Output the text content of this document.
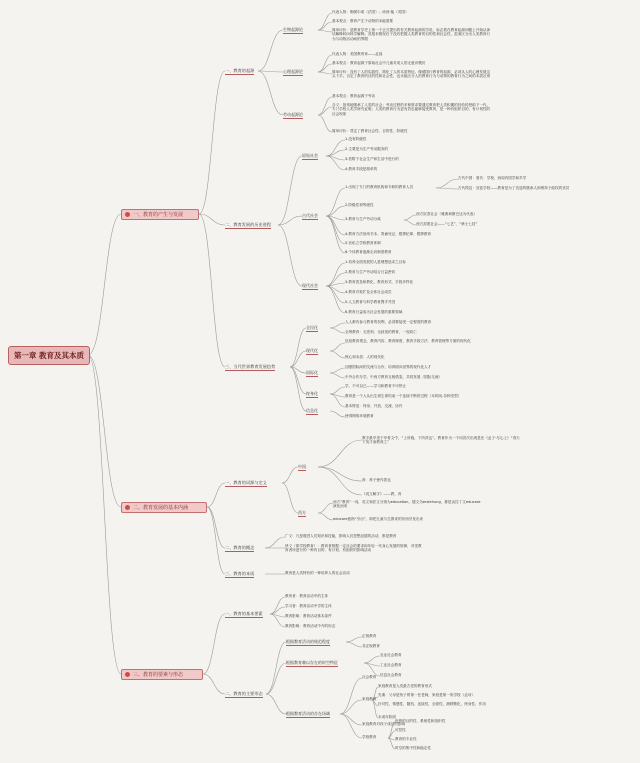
第一章 教育及其本质
一、教育的产生与发展
二、教育发展的基本内涵
三、教育的要素与形态
一、教育的起源
二、教育发展的历史进程
三、当代世界教育发展趋势
生物起源论
代表人物：勒图尔诺（法国）；沛西·能（英国）
基本观点：教育产生于动物的本能需要
简单评价：是教育学史上第一个正式提出的有关教育起源的学说，标志着在教育起源问题上开始从神话解释转向科学解释。其根本错误在于没有把握人类教育的目的性和社会性，混淆区分出人类教育行为与动物活动间的界限
心理起源论
代表人物：美国教育家——孟禄
基本观点：教育起源于原始社会中儿童对成人的无意识模仿
简单评价：没有了人的实践性，简化了人的本质特征。像德国行教育的起源，必须从人的心理发展这头下手。否定了教育的目的性和社会性，也未能区分人的教育行为与动物的教育行为之间的本质区别
劳动起源论
基本观点：教育起源于劳动
含义：批判地继承了人类的社会；劳动过程的多种需求要通过教育把人类积累的经验传授给下一代，专门学校人类学研究证明；人类的教育行为更有效也能够接受教育，是一种有组织目的、有计划性的社会现象
简单评价：奠定了教育社会性、目的性、阶级性
原始社会
1.没有阶级性
2.主要是为生产劳动服务的
3.依附于社会生产和生活中进行的
4.教育手段是简单的
古代社会
1.出现了专门的教育机构和专职的教育人员
古代中国：夏代：学校，西周有国学和乡学
古代埃及：宫廷学校——教育是为了宫廷的继承人和维持子政权的官员
2.阶级性和等级性
3.教育与生产劳动分离
西方奴隶社会（雅典和斯巴达为代表）
西方封建社会——“七艺”、“骑士七技”
4.教育方法崇尚书本、背诵死记、棍棒纪律、棍棒教育
5.官私立学校教育体制
6.个体教育逐渐走向制度教育
现代社会
1.培养全面发展的人是理想追求之目标
2.教育与生产劳动结合日益密切
3.教育普及和教化，教育形式、手段多样化
4.教育对象扩及全体社会成员
5.人文教育与科学教育携手并进
6.教育日益成为社会发展的重要领域
全民化
人人都有参与教育的权利，必须要接受一定程度的教育
全纳教育：无差别、无歧视的教育，一视同仁
现代化
包括教育观念、教育内容、教育制度、教育手段方法、教育管理等方面的现代化
核心和本质：人的现代化
国际化
加强国际间的交流与合作，培养面向世界的现代化人才
中外合作办学，中西方教育互相借鉴，共同发展（国际交流）
终身化
学，不可以已——学习和教育不可停止
教育是一个人从出生到生命结束一个连续不断的过程（本时间-各种类型）
基本特征：终身、开放、交流、协作
信息化
使得网络环境教育
一、教育的词源与定义
中国
教字最早见于甲骨文中，“上所施，下所效也”。教育作为一个词首次出现是在《孟子·尽心上》“得天下英才而教育之”
育：养子使作善也
《说文解字》——教、育
西方
西方“教育”一词，英文和法文分别为education，德文为erziehung，都是由拉丁文educare演化而来
educare意指“引出”，即把儿童与生俱来的东西引发出来
二、教育的概念
广义：凡是增进人们知识和技能，影响人们思想品德的活动，都是教育
狭义（即学校教育）：教育者根据一定社会的要求和年轻一代身心发展的规律，对受教育者所进行的一种有目的、有计划、有组织的影响活动
三、教育的本质	教育是人类特有的一种培养人的社会活动
一、教育的基本要素
教育者：教育活动中的主体
学习者：教育活动中学的主体
教育影响：教育活动基本条件
教育影响：教育活动中介的形态
二、教育的主要形态
根据教育活动的规范程度
正规教育
非正规教育
根据教育赖以存在的时空特征
农业社会教育
工业社会教育
信息社会教育
根据教育活动的存在场域
社会教育
家庭教育
家庭教育是人类最古老的教育形式
先秦：父母是孩子的第一任老师，家庭是第一所学校（孟母）
针对性，情感性，随机，连续性，全面性，潜移默化，终身性；作用
未成年阶段
家庭教育对孩子成长的影响
学校教育
优势的目的性、系统性和组织性
可控性
教育的专业性
时空的集中性和稳定性
